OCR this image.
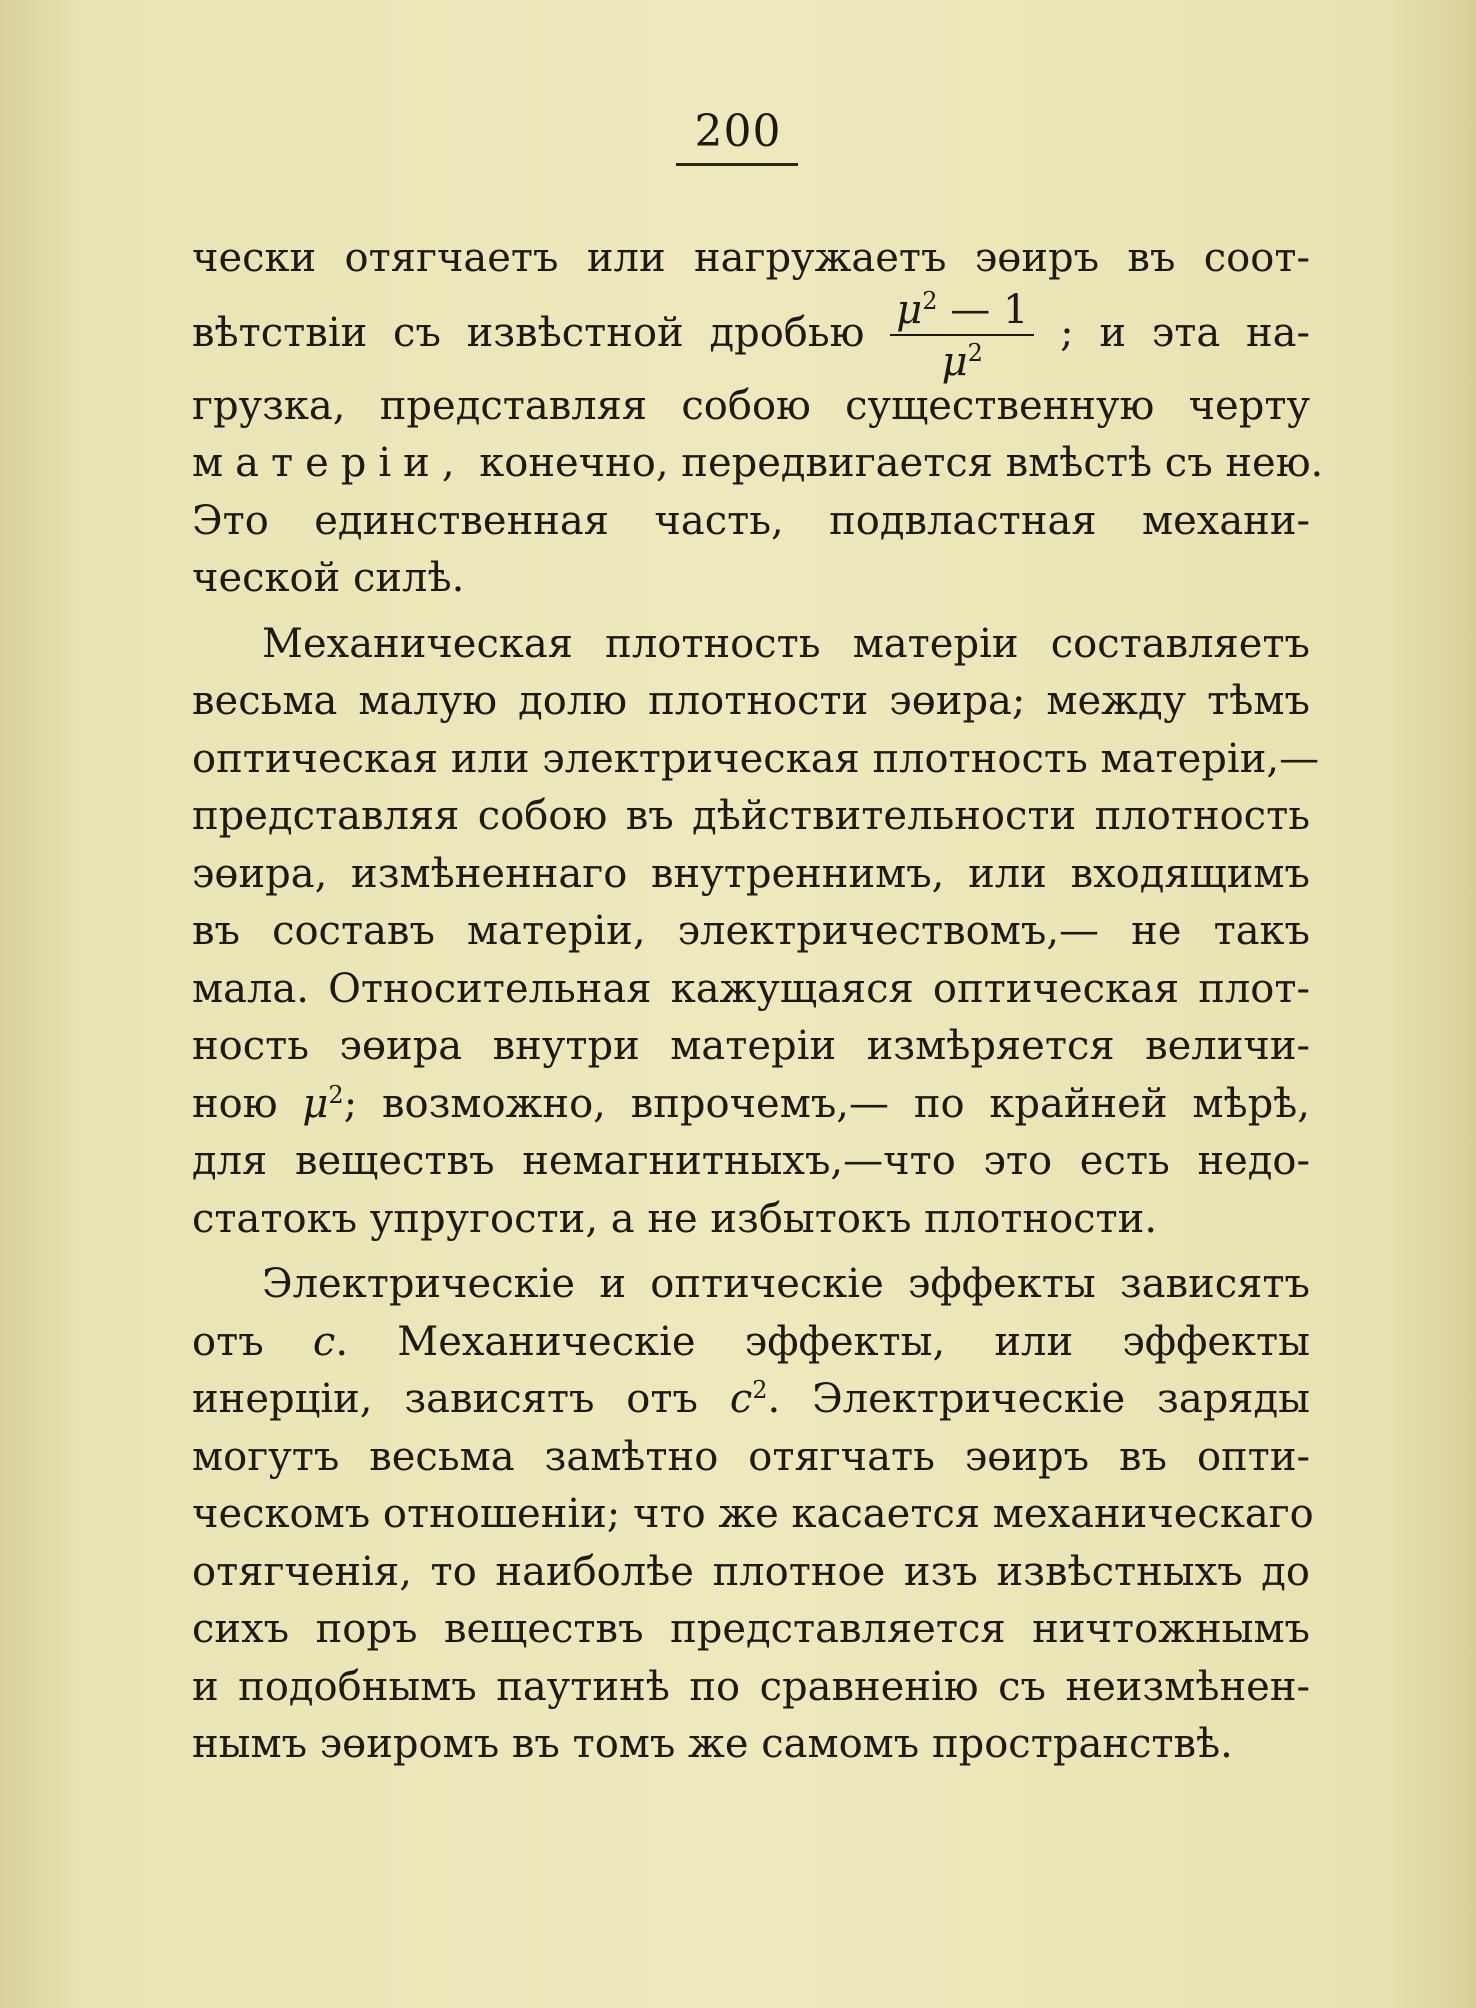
200
чески отягчаетъ или нагружаетъ эөиръ въ соот-
вѣтствіи съ извѣстной дробью $\frac{\mu^2 — 1}{\mu^2}$ ; и эта на-
грузка, представляя собою существенную черту
матеріи, конечно, передвигается вмѣстѣ съ нею.
Это единственная часть, подвластная механи-
ческой силѣ.
Механическая плотность матеріи составляетъ
весьма малую долю плотности эөира; между тѣмъ
оптическая или электрическая плотность матеріи,—
представляя собою въ дѣйствительности плотность
эөира, измѣненнаго внутреннимъ, или входящимъ
въ составъ матеріи, электричествомъ,— не такъ
мала. Относительная кажущаяся оптическая плот-
ность эөира внутри матеріи измѣряется величи-
ною $\mu^2$; возможно, впрочемъ,— по крайней мѣрѣ,
для веществъ немагнитныхъ,—что это есть недо-
статокъ упругости, а не избытокъ плотности.
Электрическіе и оптическіе эффекты зависятъ
отъ c. Механическіе эффекты, или эффекты
инерціи, зависятъ отъ $c^2$. Электрическіе заряды
могутъ весьма замѣтно отягчать эөиръ въ опти-
ческомъ отношеніи; что же касается механическаго
отягченія, то наиболѣе плотное изъ извѣстныхъ до
сихъ поръ веществъ представляется ничтожнымъ
и подобнымъ паутинѣ по сравненію съ неизмѣнен-
нымъ эөиромъ въ томъ же самомъ пространствѣ.
